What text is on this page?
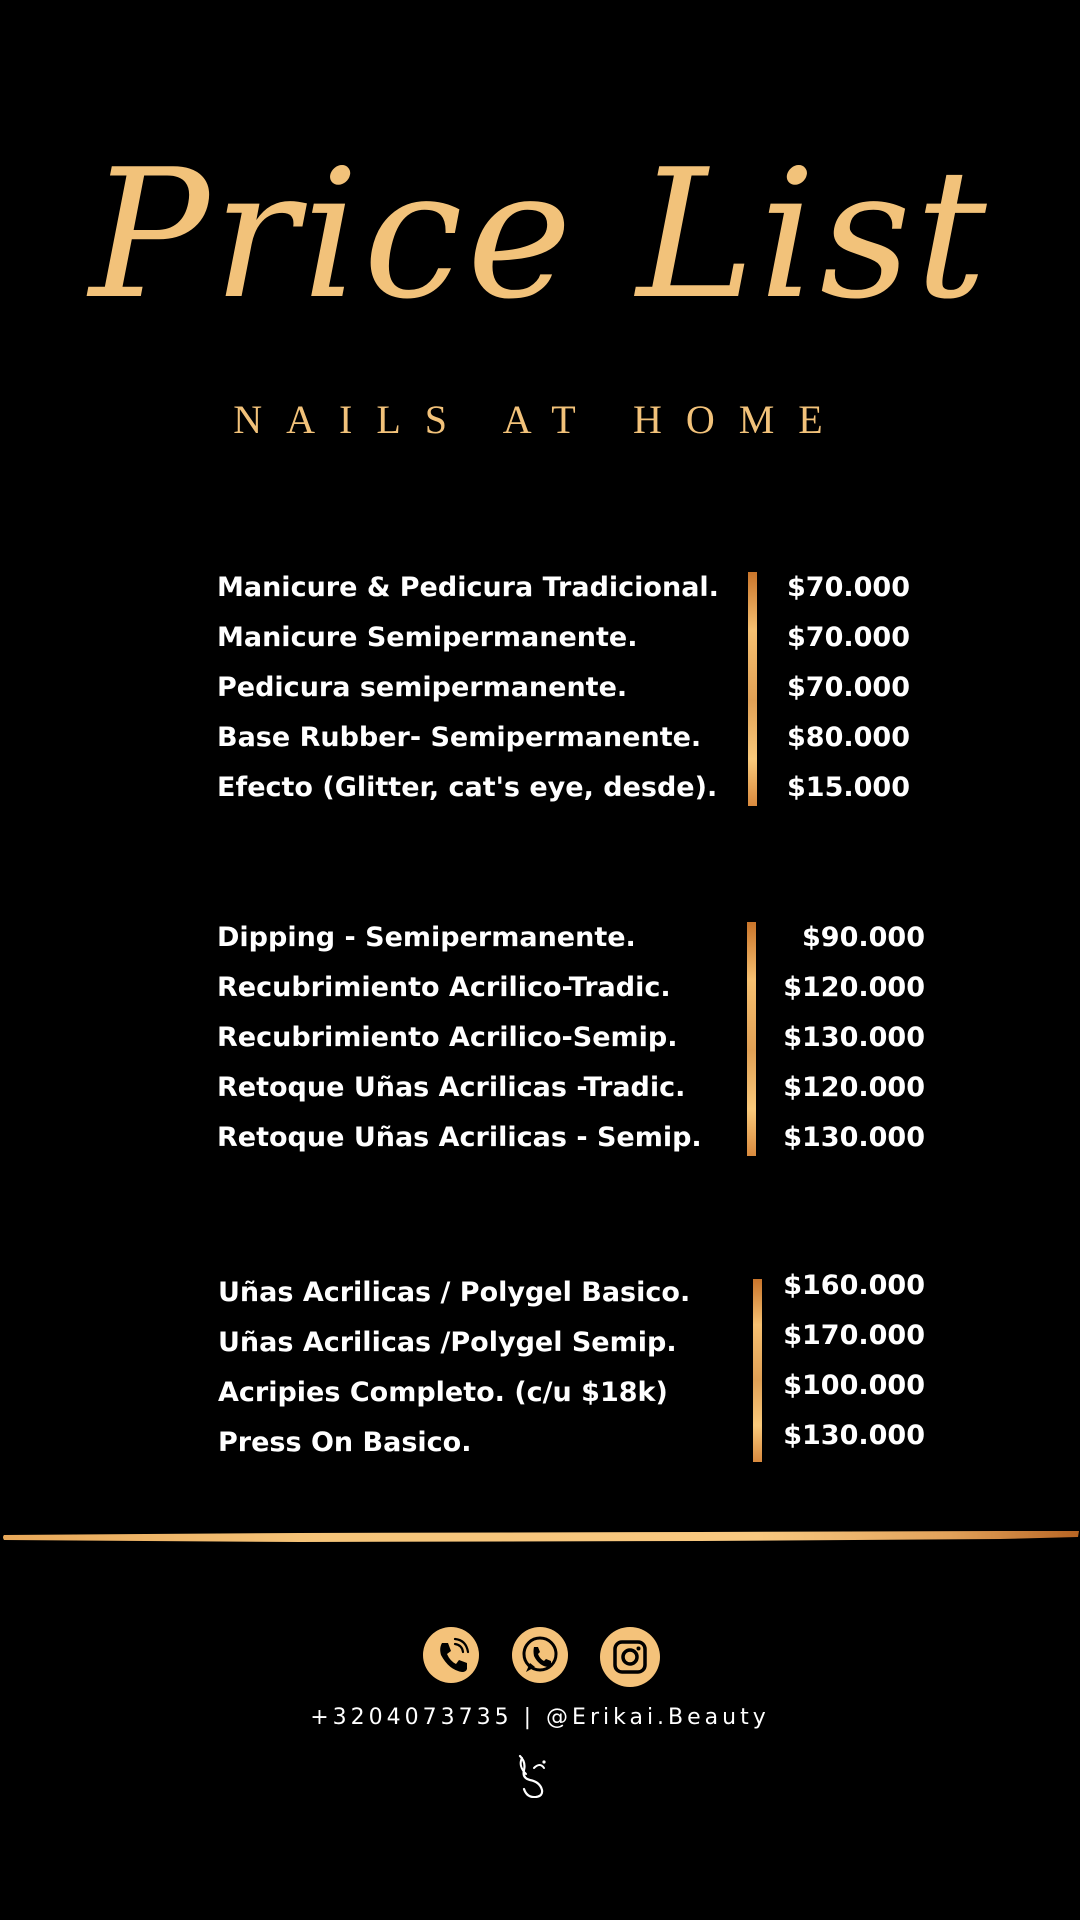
Price List
NAILS AT HOME
Manicure & Pedicura Tradicional.
Manicure Semipermanente.
Pedicura semipermanente.
Base Rubber- Semipermanente.
Efecto (Glitter, cat's eye, desde).
$70.000
$70.000
$70.000
$80.000
$15.000
Dipping - Semipermanente.
Recubrimiento Acrilico-Tradic.
Recubrimiento Acrilico-Semip.
Retoque Uñas Acrilicas -Tradic.
Retoque Uñas Acrilicas - Semip.
$90.000
$120.000
$130.000
$120.000
$130.000
Uñas Acrilicas / Polygel Basico.
Uñas Acrilicas /Polygel Semip.
Acripies Completo. (c/u $18k)
Press On Basico.
$160.000
$170.000
$100.000
$130.000
+3204073735 | @Erikai.Beauty
